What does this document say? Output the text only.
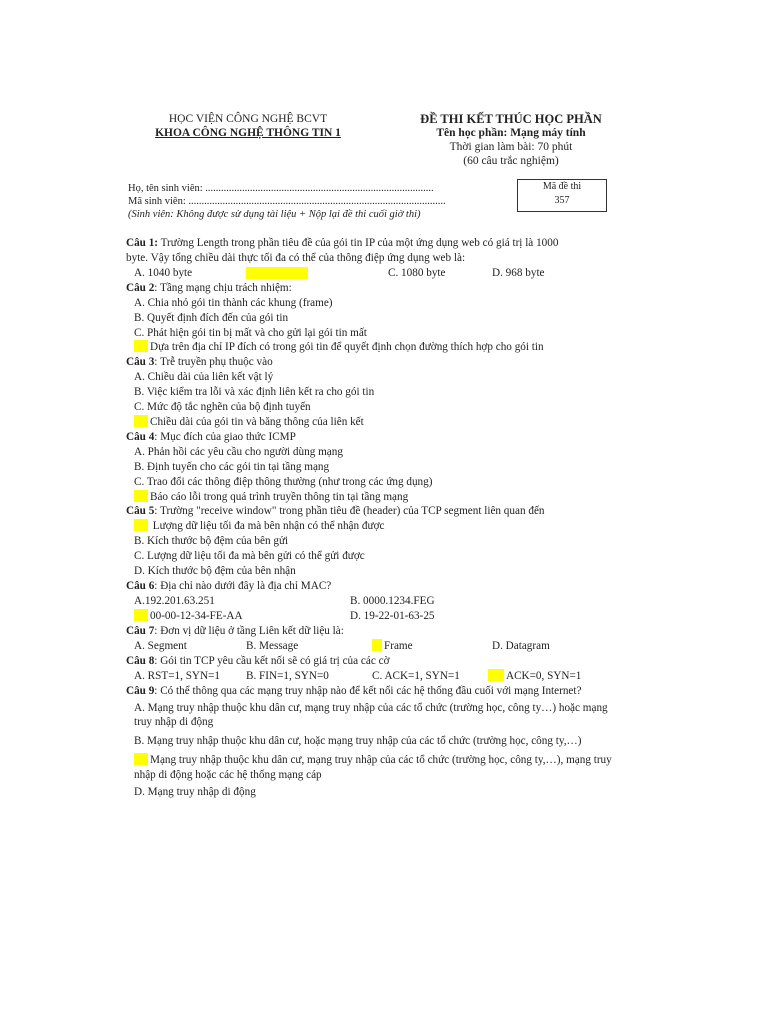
HỌC VIỆN CÔNG NGHỆ BCVT
KHOA CÔNG NGHỆ THÔNG TIN 1
ĐỀ THI KẾT THÚC HỌC PHẦN
Tên học phần: Mạng máy tính
Thời gian làm bài: 70 phút
(60 câu trắc nghiệm)
Họ, tên sinh viên: .......................................................................................
Mã sinh viên: ..................................................................................................
(Sinh viên: Không được sử dụng tài liệu + Nộp lại đề thi cuối giờ thi)
Mã đề thi
357
Câu 1: Trường Length trong phần tiêu đề của gói tin IP của một ứng dụng web có giá trị là 1000
byte. Vậy tổng chiều dài thực tối đa có thể của thông điệp ứng dụng web là:
A. 1040 byte	C. 1080 byte	D. 968 byte
Câu 2: Tầng mạng chịu trách nhiệm:
A. Chia nhỏ gói tin thành các khung (frame)
B. Quyết định đích đến của gói tin
C. Phát hiện gói tin bị mất và cho gửi lại gói tin mất
Dựa trên địa chỉ IP đích có trong gói tin để quyết định chọn đường thích hợp cho gói tin
Câu 3: Trễ truyền phụ thuộc vào
A. Chiều dài của liên kết vật lý
B. Việc kiểm tra lỗi và xác định liên kết ra cho gói tin
C. Mức độ tắc nghẽn của bộ định tuyến
Chiều dài của gói tin và băng thông của liên kết
Câu 4: Mục đích của giao thức ICMP
A. Phản hồi các yêu cầu cho người dùng mạng
B. Định tuyến cho các gói tin tại tầng mạng
C. Trao đổi các thông điệp thông thường (như trong các ứng dụng)
Báo cáo lỗi trong quá trình truyền thông tin tại tầng mạng
Câu 5: Trường "receive window" trong phần tiêu đề (header) của TCP segment liên quan đến
Lượng dữ liệu tối đa mà bên nhận có thể nhận được
B. Kích thước bộ đệm của bên gửi
C. Lượng dữ liệu tối đa mà bên gửi có thể gửi được
D. Kích thước bộ đệm của bên nhận
Câu 6: Địa chỉ nào dưới đây là địa chỉ MAC?
A.192.201.63.251	B. 0000.1234.FEG
00-00-12-34-FE-AA	D. 19-22-01-63-25
Câu 7: Đơn vị dữ liệu ở tầng Liên kết dữ liệu là:
A. Segment	B. Message	Frame	D. Datagram
Câu 8: Gói tin TCP yêu cầu kết nối sẽ có giá trị của các cờ
A. RST=1, SYN=1 B. FIN=1, SYN=0	C. ACK=1, SYN=1	ACK=0, SYN=1
Câu 9: Có thể thông qua các mạng truy nhập nào để kết nối các hệ thống đầu cuối với mạng Internet?
A. Mạng truy nhập thuộc khu dân cư, mạng truy nhập của các tổ chức (trường học, công ty…) hoặc mạng truy nhập di động
B. Mạng truy nhập thuộc khu dân cư, hoặc mạng truy nhập của các tổ chức (trường học, công ty,…)
Mạng truy nhập thuộc khu dân cư, mạng truy nhập của các tổ chức (trường học, công ty,…), mạng truy nhập di động hoặc các hệ thống mạng cáp
D. Mạng truy nhập di động
